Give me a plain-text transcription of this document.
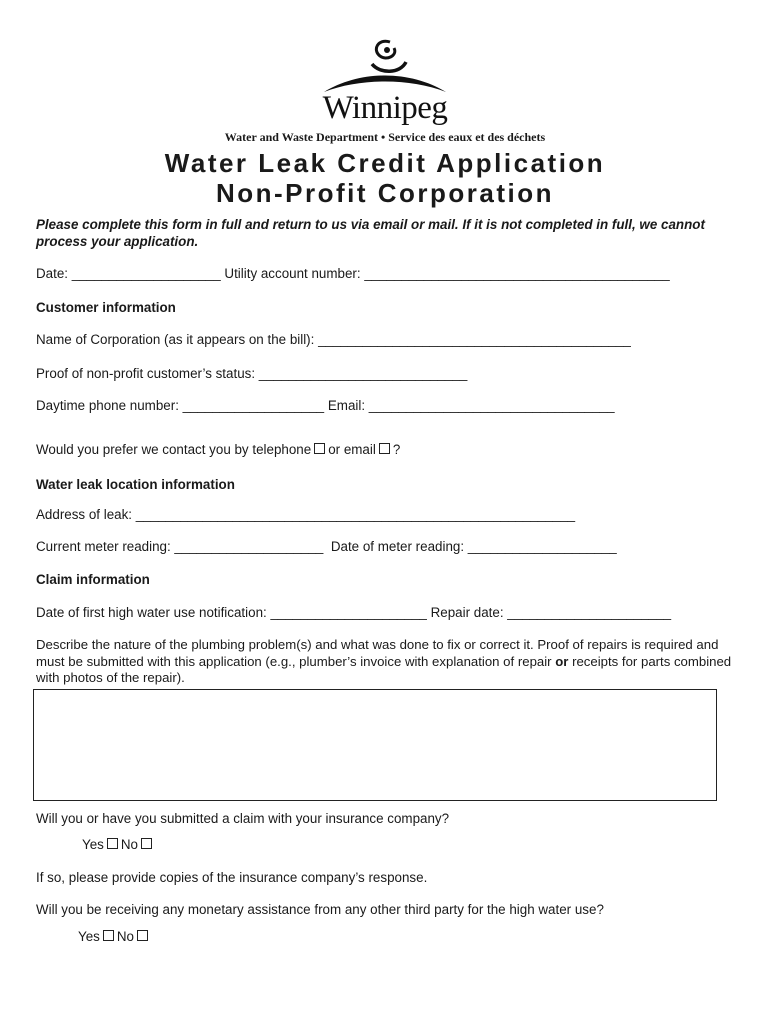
Winnipeg
Water and Waste Department • Service des eaux et des déchets
Water Leak Credit Application
Non-Profit Corporation
Please complete this form in full and return to us via email or mail. If it is not completed in full, we cannot process your application.
Date: ____________________ Utility account number: _________________________________________
Customer information
Name of Corporation (as it appears on the bill): __________________________________________
Proof of non-profit customer’s status: ____________________________
Daytime phone number: ___________________ Email: _________________________________
Would you prefer we contact you by telephone or email ?
Water leak location information
Address of leak: ___________________________________________________________
Current meter reading: ____________________ Date of meter reading: ____________________
Claim information
Date of first high water use notification: _____________________ Repair date: ______________________
Describe the nature of the plumbing problem(s) and what was done to fix or correct it. Proof of repairs is required and must be submitted with this application (e.g., plumber’s invoice with explanation of repair or receipts for parts combined with photos of the repair).
Will you or have you submitted a claim with your insurance company?
Yes No
If so, please provide copies of the insurance company’s response.
Will you be receiving any monetary assistance from any other third party for the high water use?
Yes No
